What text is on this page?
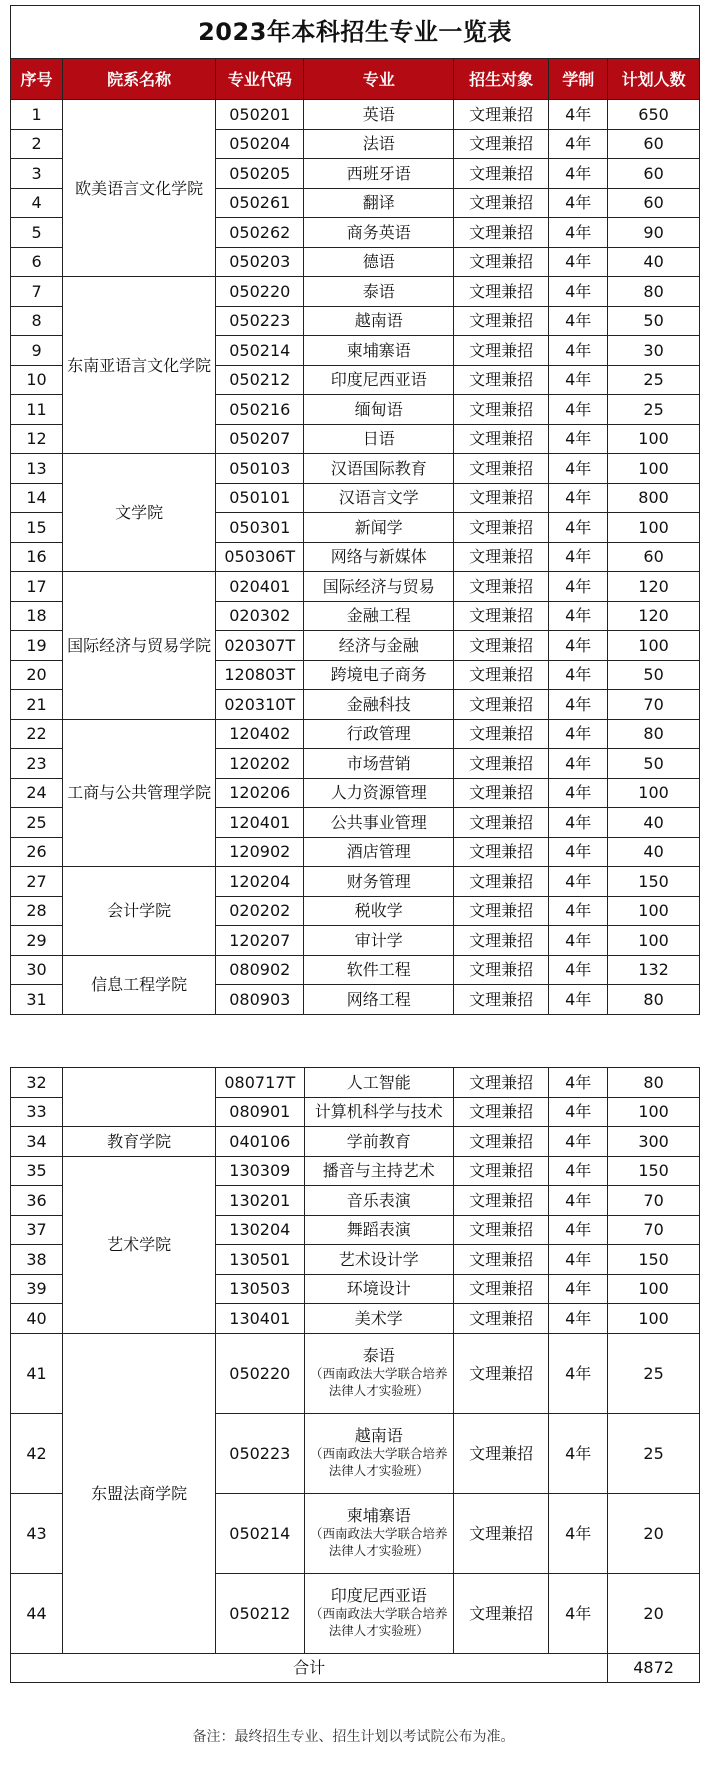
2023年本科招生专业一览表						
序号	院系名称	专业代码	专业	招生对象	学制	计划人数
1	欧美语言文化学院	050201	英语	文理兼招	4年	650
2		050204	法语	文理兼招	4年	60
3		050205	西班牙语	文理兼招	4年	60
4		050261	翻译	文理兼招	4年	60
5		050262	商务英语	文理兼招	4年	90
6		050203	德语	文理兼招	4年	40
7	东南亚语言文化学院	050220	泰语	文理兼招	4年	80
8		050223	越南语	文理兼招	4年	50
9		050214	柬埔寨语	文理兼招	4年	30
10		050212	印度尼西亚语	文理兼招	4年	25
11		050216	缅甸语	文理兼招	4年	25
12		050207	日语	文理兼招	4年	100
13	文学院	050103	汉语国际教育	文理兼招	4年	100
14		050101	汉语言文学	文理兼招	4年	800
15		050301	新闻学	文理兼招	4年	100
16		050306T	网络与新媒体	文理兼招	4年	60
17	国际经济与贸易学院	020401	国际经济与贸易	文理兼招	4年	120
18		020302	金融工程	文理兼招	4年	120
19		020307T	经济与金融	文理兼招	4年	100
20		120803T	跨境电子商务	文理兼招	4年	50
21		020310T	金融科技	文理兼招	4年	70
22	工商与公共管理学院	120402	行政管理	文理兼招	4年	80
23		120202	市场营销	文理兼招	4年	50
24		120206	人力资源管理	文理兼招	4年	100
25		120401	公共事业管理	文理兼招	4年	40
26		120902	酒店管理	文理兼招	4年	40
27	会计学院	120204	财务管理	文理兼招	4年	150
28		020202	税收学	文理兼招	4年	100
29		120207	审计学	文理兼招	4年	100
30	信息工程学院	080902	软件工程	文理兼招	4年	132
31		080903	网络工程	文理兼招	4年	80
32		080717T	人工智能	文理兼招	4年	80
33		080901	计算机科学与技术	文理兼招	4年	100
34	教育学院	040106	学前教育	文理兼招	4年	300
35	艺术学院	130309	播音与主持艺术	文理兼招	4年	150
36		130201	音乐表演	文理兼招	4年	70
37		130204	舞蹈表演	文理兼招	4年	70
38		130501	艺术设计学	文理兼招	4年	150
39		130503	环境设计	文理兼招	4年	100
40		130401	美术学	文理兼招	4年	100
41	东盟法商学院	050220	泰语
（西南政法大学联合培养法律人才实验班）	文理兼招	4年	25
42		050223	越南语
（西南政法大学联合培养法律人才实验班）	文理兼招	4年	25
43		050214	柬埔寨语
（西南政法大学联合培养法律人才实验班）	文理兼招	4年	20
44		050212	印度尼西亚语
（西南政法大学联合培养法律人才实验班）	文理兼招	4年	20
合计						4872
备注：最终招生专业、招生计划以考试院公布为准。
